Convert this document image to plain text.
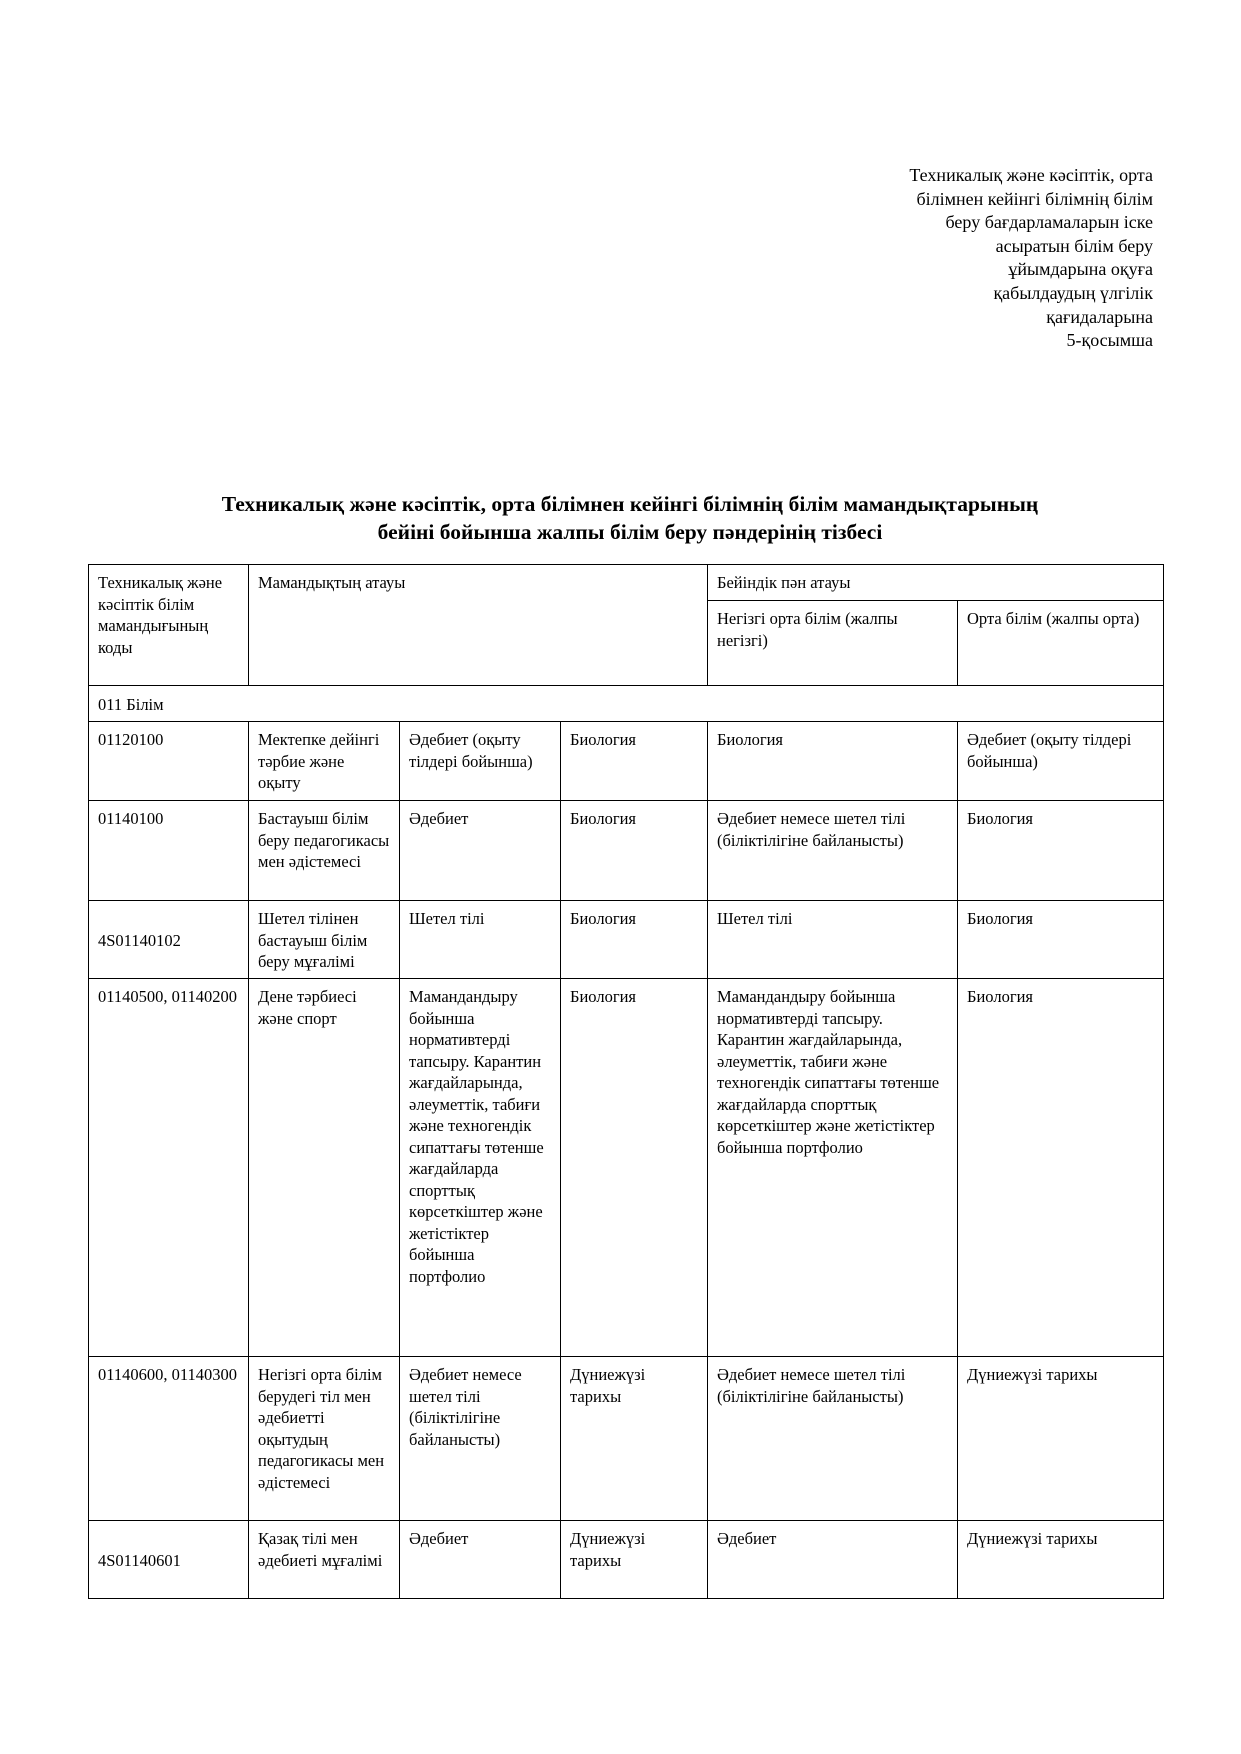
Техникалық және кәсіптік, орта
білімнен кейінгі білімнің білім
беру бағдарламаларын іске
асыратын білім беру
ұйымдарына оқуға
қабылдаудың үлгілік
қағидаларына
5-қосымша
Техникалық және кәсіптік, орта білімнен кейінгі білімнің білім мамандықтарының
бейіні бойынша жалпы білім беру пәндерінің тізбесі
Техникалық және кәсіптік білім мамандығының коды	Мамандықтың атауы			Бейіндік пән атауы	
				Негізгі орта білім (жалпы негізгі)	Орта білім (жалпы орта)
011 Білім					
01120100	Мектепке дейінгі тәрбие және оқыту	Әдебиет (оқыту тілдері бойынша)	Биология	Биология	Әдебиет (оқыту тілдері бойынша)
01140100	Бастауыш білім беру педагогикасы мен әдістемесі	Әдебиет	Биология	Әдебиет немесе шетел тілі (біліктілігіне байланысты)	Биология
4S01140102	Шетел тілінен бастауыш білім беру мұғалімі	Шетел тілі	Биология	Шетел тілі	Биология
01140500, 01140200	Дене тәрбиесі және спорт	Мамандандыру бойынша нормативтерді тапсыру. Карантин жағдайларында, әлеуметтік, табиғи және техногендік сипаттағы төтенше жағдайларда спорттық көрсеткіштер және жетістіктер бойынша портфолио	Биология	Мамандандыру бойынша нормативтерді тапсыру. Карантин жағдайларында, әлеуметтік, табиғи және техногендік сипаттағы төтенше жағдайларда спорттық көрсеткіштер және жетістіктер бойынша портфолио	Биология
01140600, 01140300	Негізгі орта білім берудегі тіл мен әдебиетті оқытудың педагогикасы мен әдістемесі	Әдебиет немесе шетел тілі (біліктілігіне байланысты)	Дүниежүзі тарихы	Әдебиет немесе шетел тілі (біліктілігіне байланысты)	Дүниежүзі тарихы
4S01140601	Қазақ тілі мен әдебиеті мұғалімі	Әдебиет	Дүниежүзі тарихы	Әдебиет	Дүниежүзі тарихы
